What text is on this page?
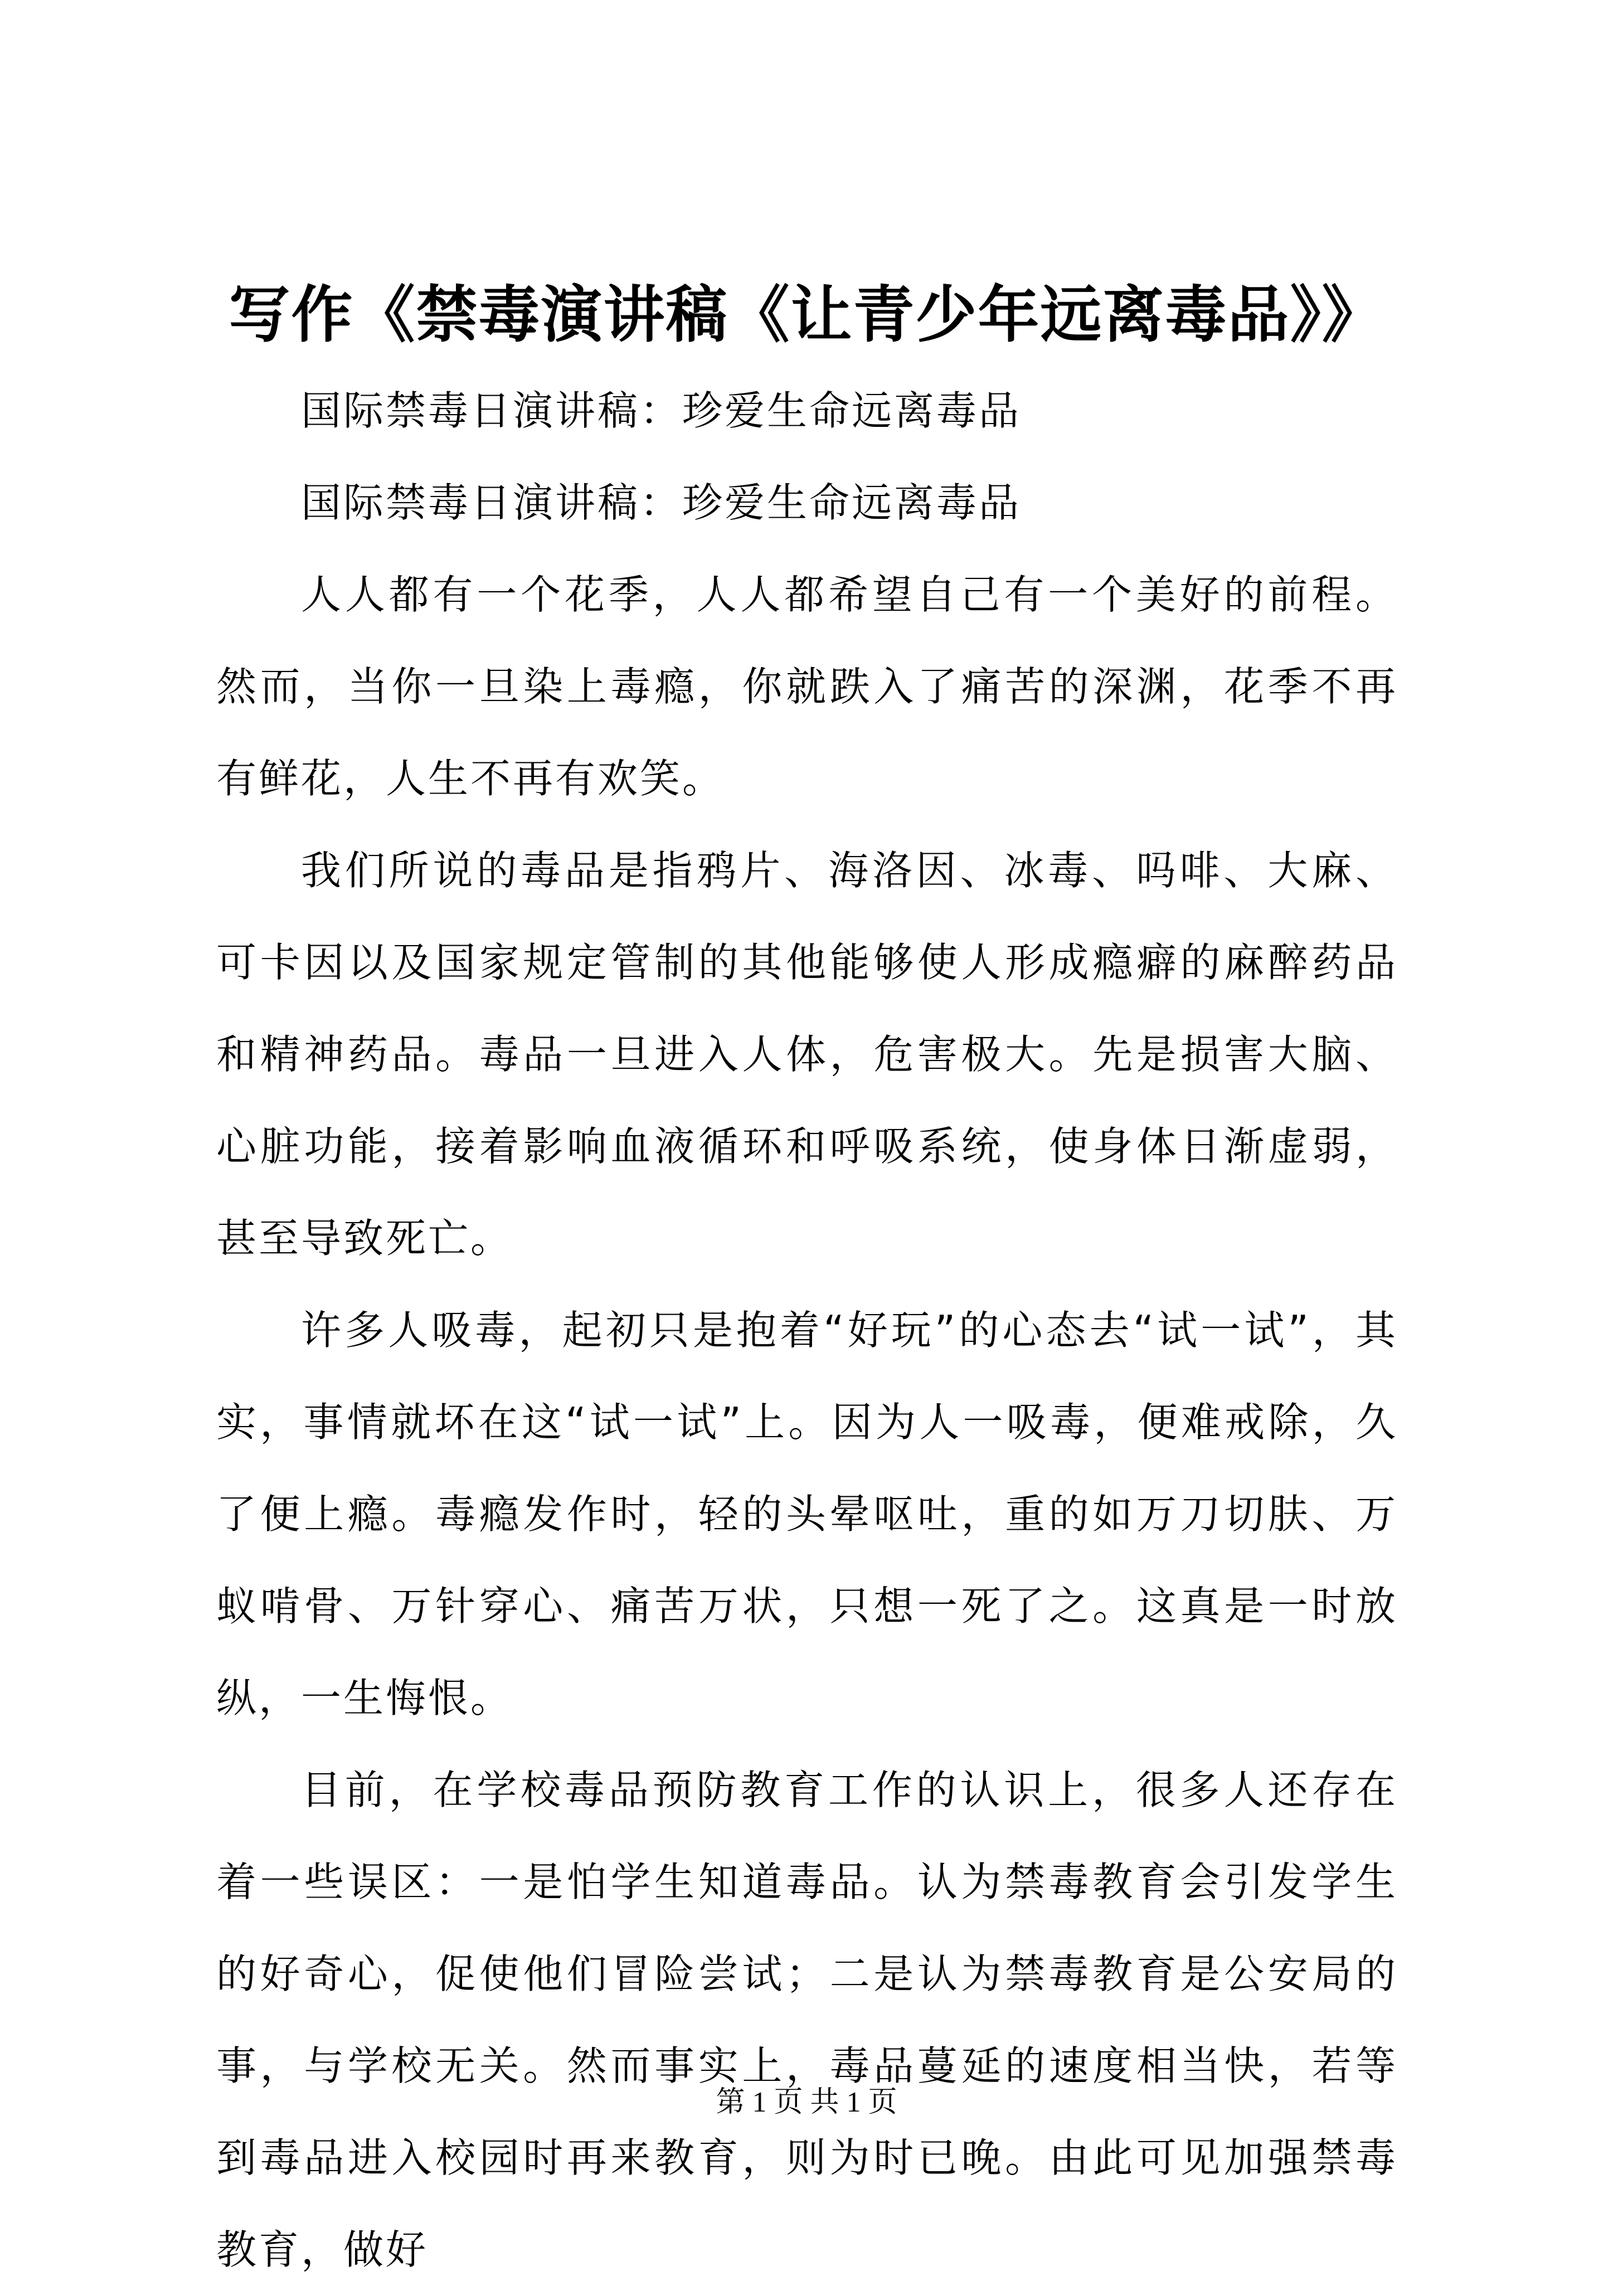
写作《禁毒演讲稿《让青少年远离毒品》》

国际禁毒日演讲稿：珍爱生命远离毒品

国际禁毒日演讲稿：珍爱生命远离毒品

人人都有一个花季，人人都希望自己有一个美好的前程。然而，当你一旦染上毒瘾，你就跌入了痛苦的深渊，花季不再有鲜花，人生不再有欢笑。

我们所说的毒品是指鸦片、海洛因、冰毒、吗啡、大麻、可卡因以及国家规定管制的其他能够使人形成瘾癖的麻醉药品和精神药品。毒品一旦进入人体，危害极大。先是损害大脑、心脏功能，接着影响血液循环和呼吸系统，使身体日渐虚弱，甚至导致死亡。

许多人吸毒，起初只是抱着“好玩”的心态去“试一试”，其实，事情就坏在这“试一试”上。因为人一吸毒，便难戒除，久了便上瘾。毒瘾发作时，轻的头晕呕吐，重的如万刀切肤、万蚁啃骨、万针穿心、痛苦万状，只想一死了之。这真是一时放纵，一生悔恨。

目前，在学校毒品预防教育工作的认识上，很多人还存在着一些误区：一是怕学生知道毒品。认为禁毒教育会引发学生的好奇心，促使他们冒险尝试；二是认为禁毒教育是公安局的事，与学校无关。然而事实上，毒品蔓延的速度相当快，若等到毒品进入校园时再来教育，则为时已晚。由此可见加强禁毒教育，做好

第 1 页 共 1 页
